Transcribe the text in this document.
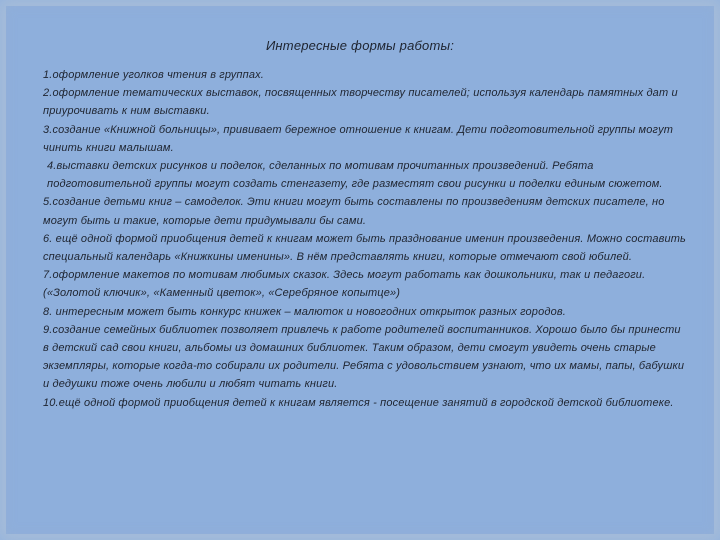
Интересные формы работы:

1.оформление уголков чтения в группах.

2.оформление тематических выставок, посвященных творчеству писателей; используя календарь памятных дат и приурочивать к ним выставки.

3.создание «Книжной больницы», прививает бережное отношение к книгам. Дети подготовительной группы могут чинить книги малышам.

4.выставки детских рисунков и поделок, сделанных по мотивам прочитанных произведений. Ребята подготовительной группы могут создать стенгазету, где разместят свои рисунки и поделки единым сюжетом.

5.создание детьми книг – самоделок. Эти книги могут быть составлены по произведениям детских писателе, но могут быть и такие, которые дети придумывали бы сами.

6. ещё одной формой приобщения детей к книгам может быть празднование именин произведения. Можно составить специальный календарь «Книжкины именины». В нём представлять книги, которые отмечают свой юбилей.

7.оформление макетов по мотивам любимых сказок. Здесь могут работать как дошкольники, так и педагоги. («Золотой ключик», «Каменный цветок», «Серебряное копытце»)

8. интересным может быть конкурс книжек – малюток и новогодних открыток разных городов.

9.создание семейных библиотек позволяет привлечь к работе родителей воспитанников. Хорошо было бы принести в детский сад свои книги, альбомы из домашних библиотек. Таким образом, дети смогут увидеть очень старые экземпляры, которые когда-то собирали их родители. Ребята с удовольствием узнают, что их мамы, папы, бабушки и дедушки тоже очень любили и любят читать книги.

10.ещё одной формой приобщения детей к книгам является - посещение занятий в городской детской библиотеке.
